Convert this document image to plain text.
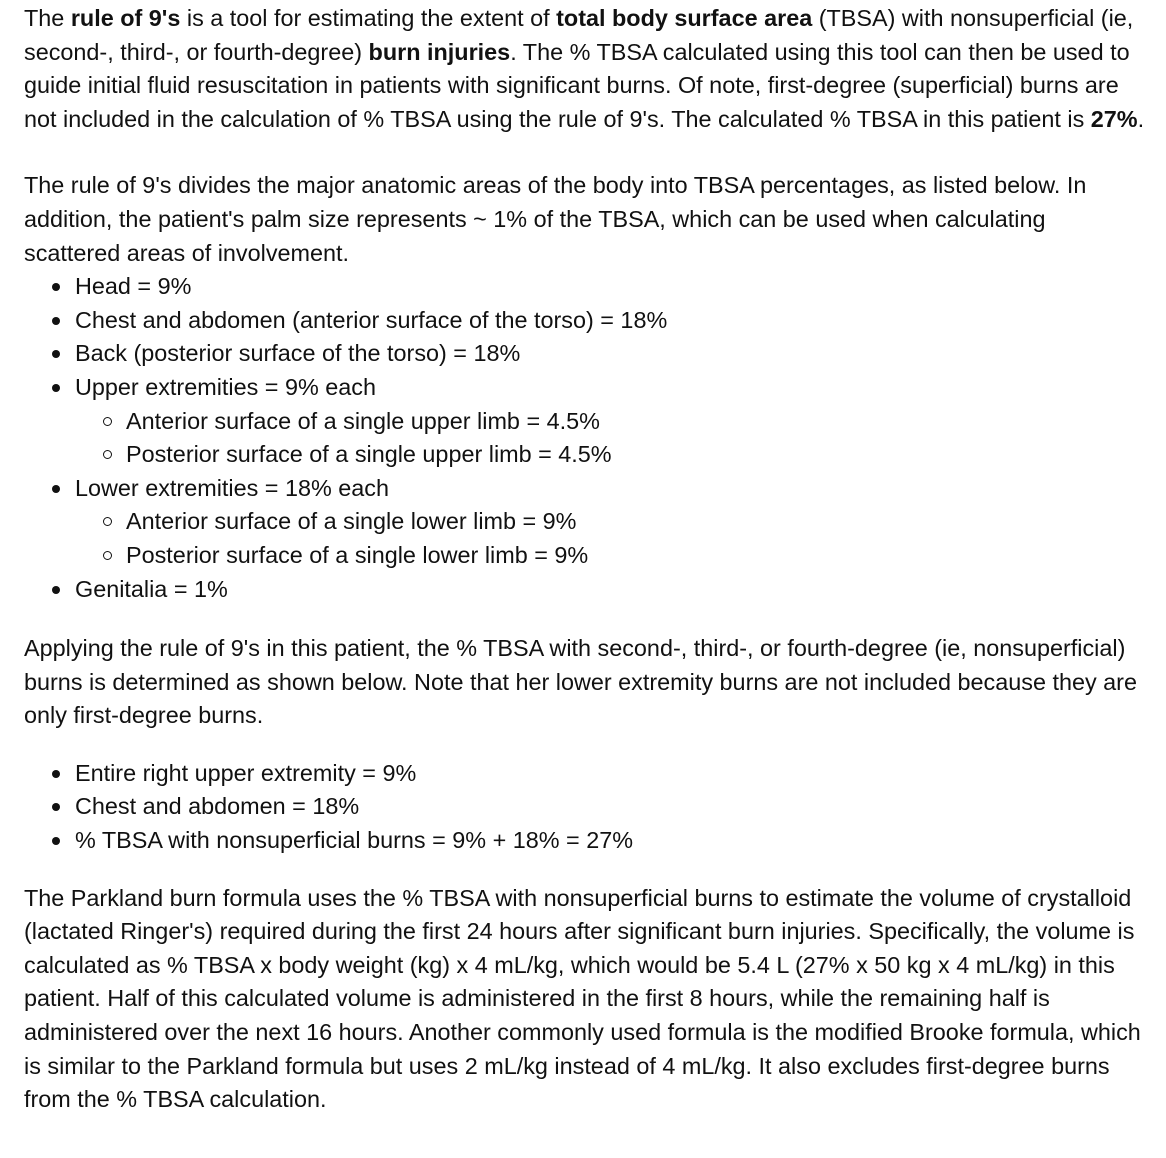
The rule of 9's is a tool for estimating the extent of total body surface area (TBSA) with nonsuperficial (ie, second-, third-, or fourth-degree) burn injuries. The % TBSA calculated using this tool can then be used to guide initial fluid resuscitation in patients with significant burns. Of note, first-degree (superficial) burns are not included in the calculation of % TBSA using the rule of 9's. The calculated % TBSA in this patient is 27%.

The rule of 9's divides the major anatomic areas of the body into TBSA percentages, as listed below. In addition, the patient's palm size represents ~ 1% of the TBSA, which can be used when calculating scattered areas of involvement.

Head = 9%
Chest and abdomen (anterior surface of the torso) = 18%
Back (posterior surface of the torso) = 18%
Upper extremities = 9% each
Anterior surface of a single upper limb = 4.5%
Posterior surface of a single upper limb = 4.5%
Lower extremities = 18% each
Anterior surface of a single lower limb = 9%
Posterior surface of a single lower limb = 9%
Genitalia = 1%

Applying the rule of 9's in this patient, the % TBSA with second-, third-, or fourth-degree (ie, nonsuperficial) burns is determined as shown below. Note that her lower extremity burns are not included because they are only first-degree burns.

Entire right upper extremity = 9%
Chest and abdomen = 18%
% TBSA with nonsuperficial burns = 9% + 18% = 27%

The Parkland burn formula uses the % TBSA with nonsuperficial burns to estimate the volume of crystalloid (lactated Ringer's) required during the first 24 hours after significant burn injuries. Specifically, the volume is calculated as % TBSA x body weight (kg) x 4 mL/kg, which would be 5.4 L (27% x 50 kg x 4 mL/kg) in this patient. Half of this calculated volume is administered in the first 8 hours, while the remaining half is administered over the next 16 hours. Another commonly used formula is the modified Brooke formula, which is similar to the Parkland formula but uses 2 mL/kg instead of 4 mL/kg. It also excludes first-degree burns from the % TBSA calculation.
